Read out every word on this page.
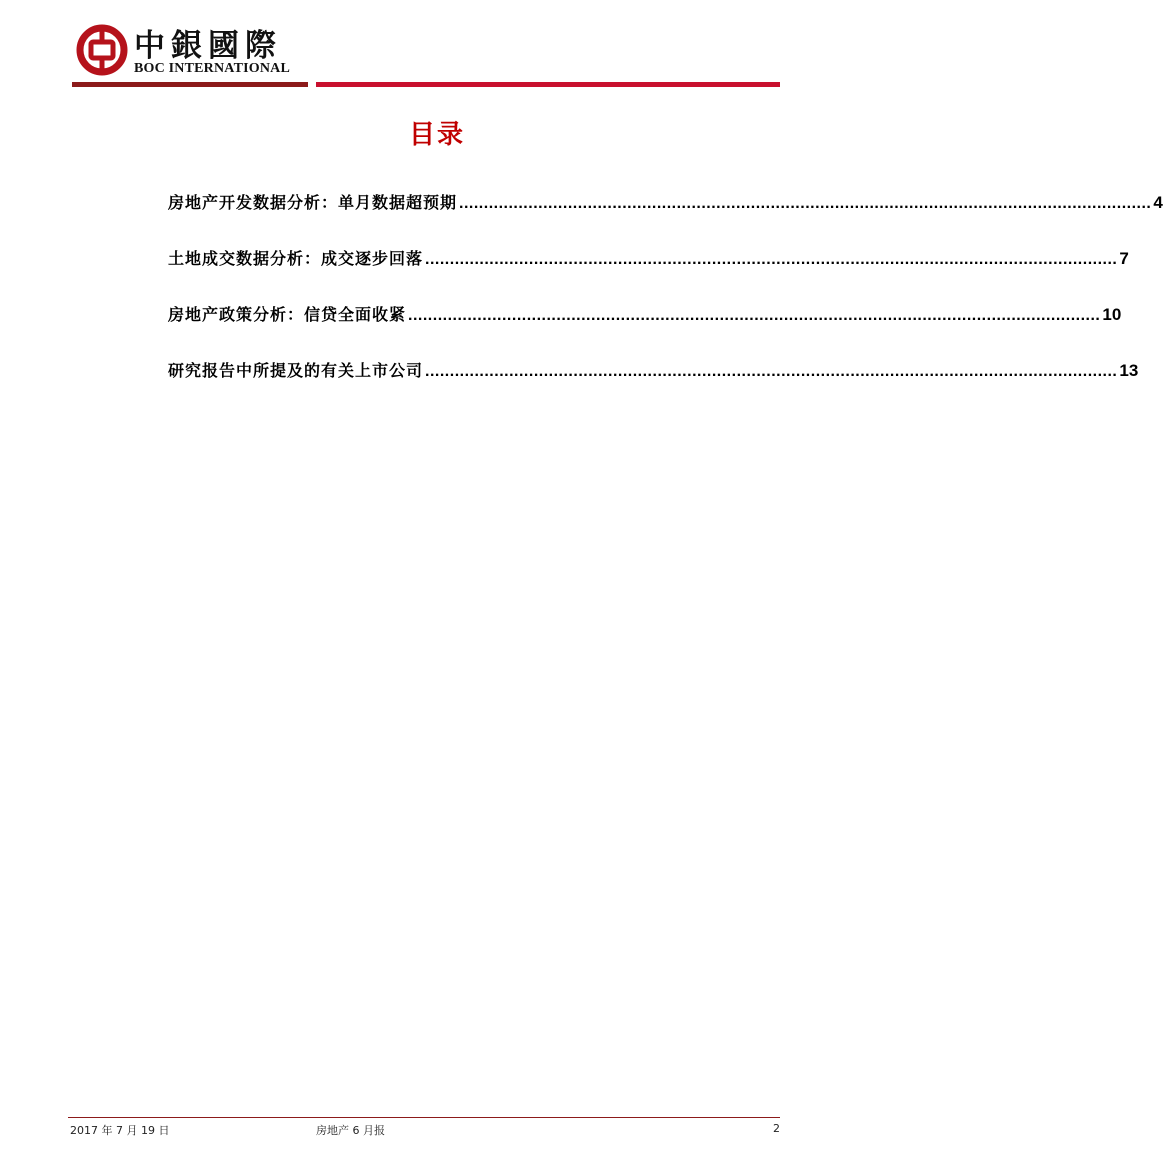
中銀國際
BOC INTERNATIONAL
目录
房地产开发数据分析：单月数据超预期 ............................................................................................................................................ 4
土地成交数据分析：成交逐步回落 ............................................................................................................................................ 7
房地产政策分析：信贷全面收紧 ............................................................................................................................................ 10
研究报告中所提及的有关上市公司 ............................................................................................................................................ 13
2017 年 7 月 19 日	房地产 6 月报	2
